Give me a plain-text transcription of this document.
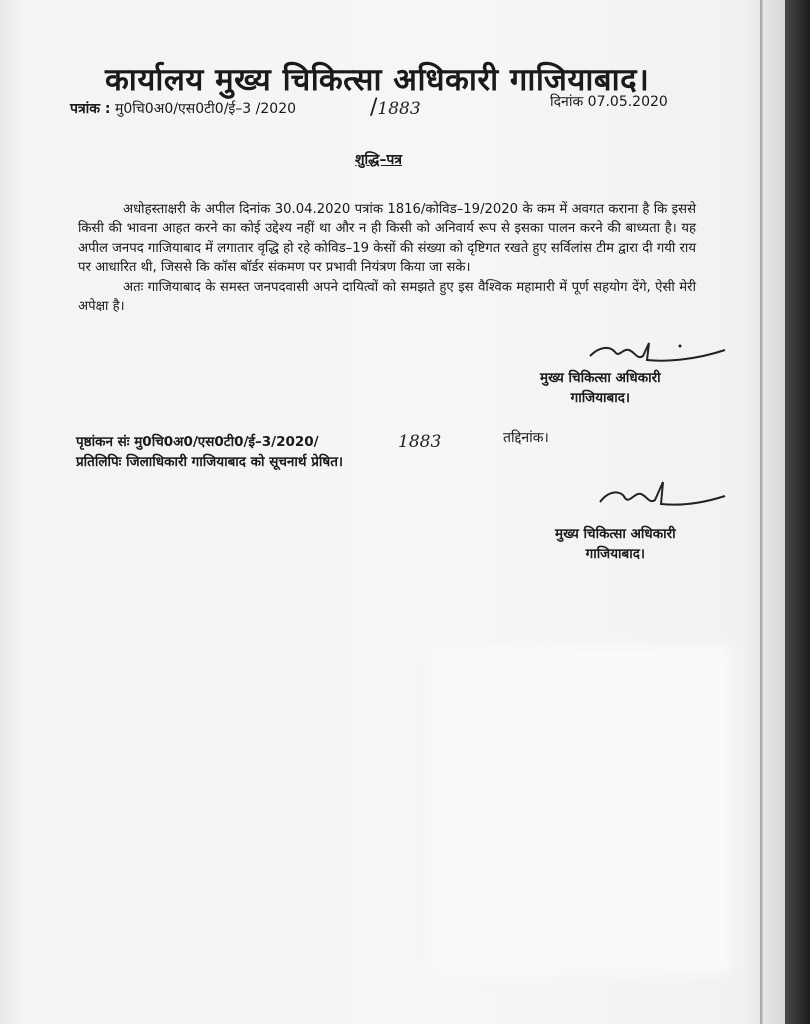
कार्यालय मुख्य चिकित्सा अधिकारी गाजियाबाद।
पत्रांक : मु0चि0अ0/एस0टी0/ई–3 /2020	/1883	दिनांक 07.05.2020
शुद्धि–पत्र

अधोहस्ताक्षरी के अपील दिनांक 30.04.2020 पत्रांक 1816/कोविड–19/2020 के कम में अवगत कराना है कि इससे किसी की भावना आहत करने का कोई उद्देश्य नहीं था और न ही किसी को अनिवार्य रूप से इसका पालन करने की बाध्यता है। यह अपील जनपद गाजियाबाद में लगातार वृद्धि हो रहे कोविड–19 केसों की संख्या को दृष्टिगत रखते हुए सर्विलांस टीम द्वारा दी गयी राय पर आधारित थी, जिससे कि कॉस बॉर्डर संकमण पर प्रभावी नियंत्रण किया जा सके।

अतः गाजियाबाद के समस्त जनपदवासी अपने दायित्वों को समझते हुए इस वैश्विक महामारी में पूर्ण सहयोग देंगे, ऐसी मेरी अपेक्षा है।

मुख्य चिकित्सा अधिकारी
गाजियाबाद।
पृष्ठांकन संः मु0चि0अ0/एस0टी0/ई–3/2020/	1883	तद्दिनांक।
प्रतिलिपिः जिलाधिकारी गाजियाबाद को सूचनार्थ प्रेषित।
मुख्य चिकित्सा अधिकारी
गाजियाबाद।
